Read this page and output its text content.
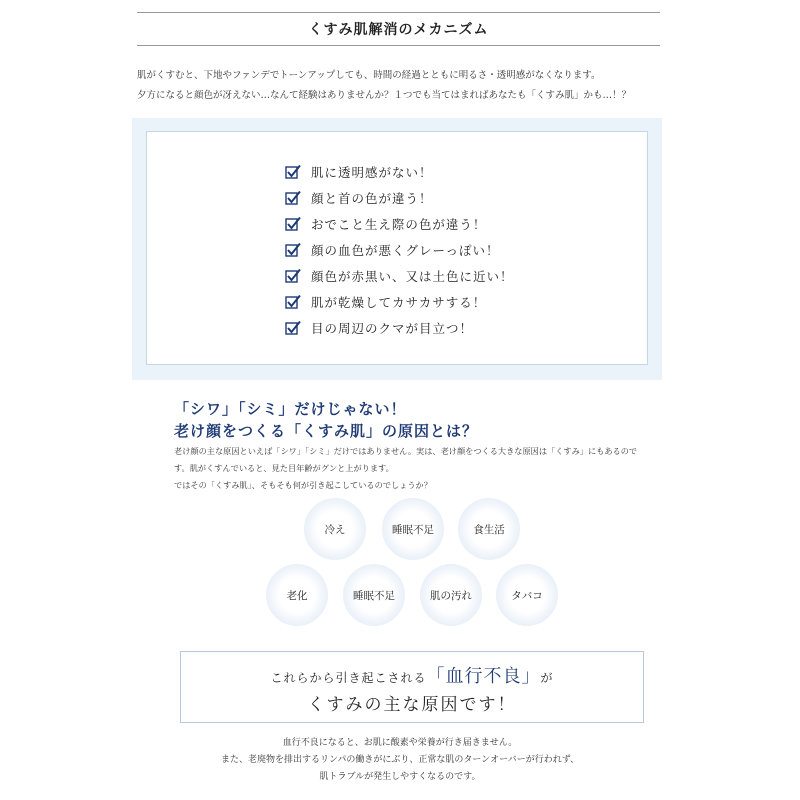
くすみ肌解消のメカニズム
肌がくすむと、下地やファンデでトーンアップしても、時間の経過とともに明るさ・透明感がなくなります。
夕方になると顔色が冴えない…なんて経験はありませんか？１つでも当てはまればあなたも「くすみ肌」かも…！？
肌に透明感がない！
顔と首の色が違う！
おでこと生え際の色が違う！
顔の血色が悪くグレーっぽい！
顔色が赤黒い、又は土色に近い！
肌が乾燥してカサカサする！
目の周辺のクマが目立つ！
「シワ」「シミ」だけじゃない！
老け顔をつくる「くすみ肌」の原因とは？
老け顔の主な原因といえば「シワ」「シミ」だけではありません。実は、老け顔をつくる大きな原因は「くすみ」にもあるので
す。肌がくすんでいると、見た目年齢がグンと上がります。
ではその「くすみ肌」、そもそも何が引き起こしているのでしょうか？
冷え	睡眠不足	食生活
老化	睡眠不足	肌の汚れ	タバコ
これらから引き起こされる「血行不良」が
くすみの主な原因です！
血行不良になると、お肌に酸素や栄養が行き届きません。
また、老廃物を排出するリンパの働きがにぶり、正常な肌のターンオーバーが行われず、
肌トラブルが発生しやすくなるのです。
